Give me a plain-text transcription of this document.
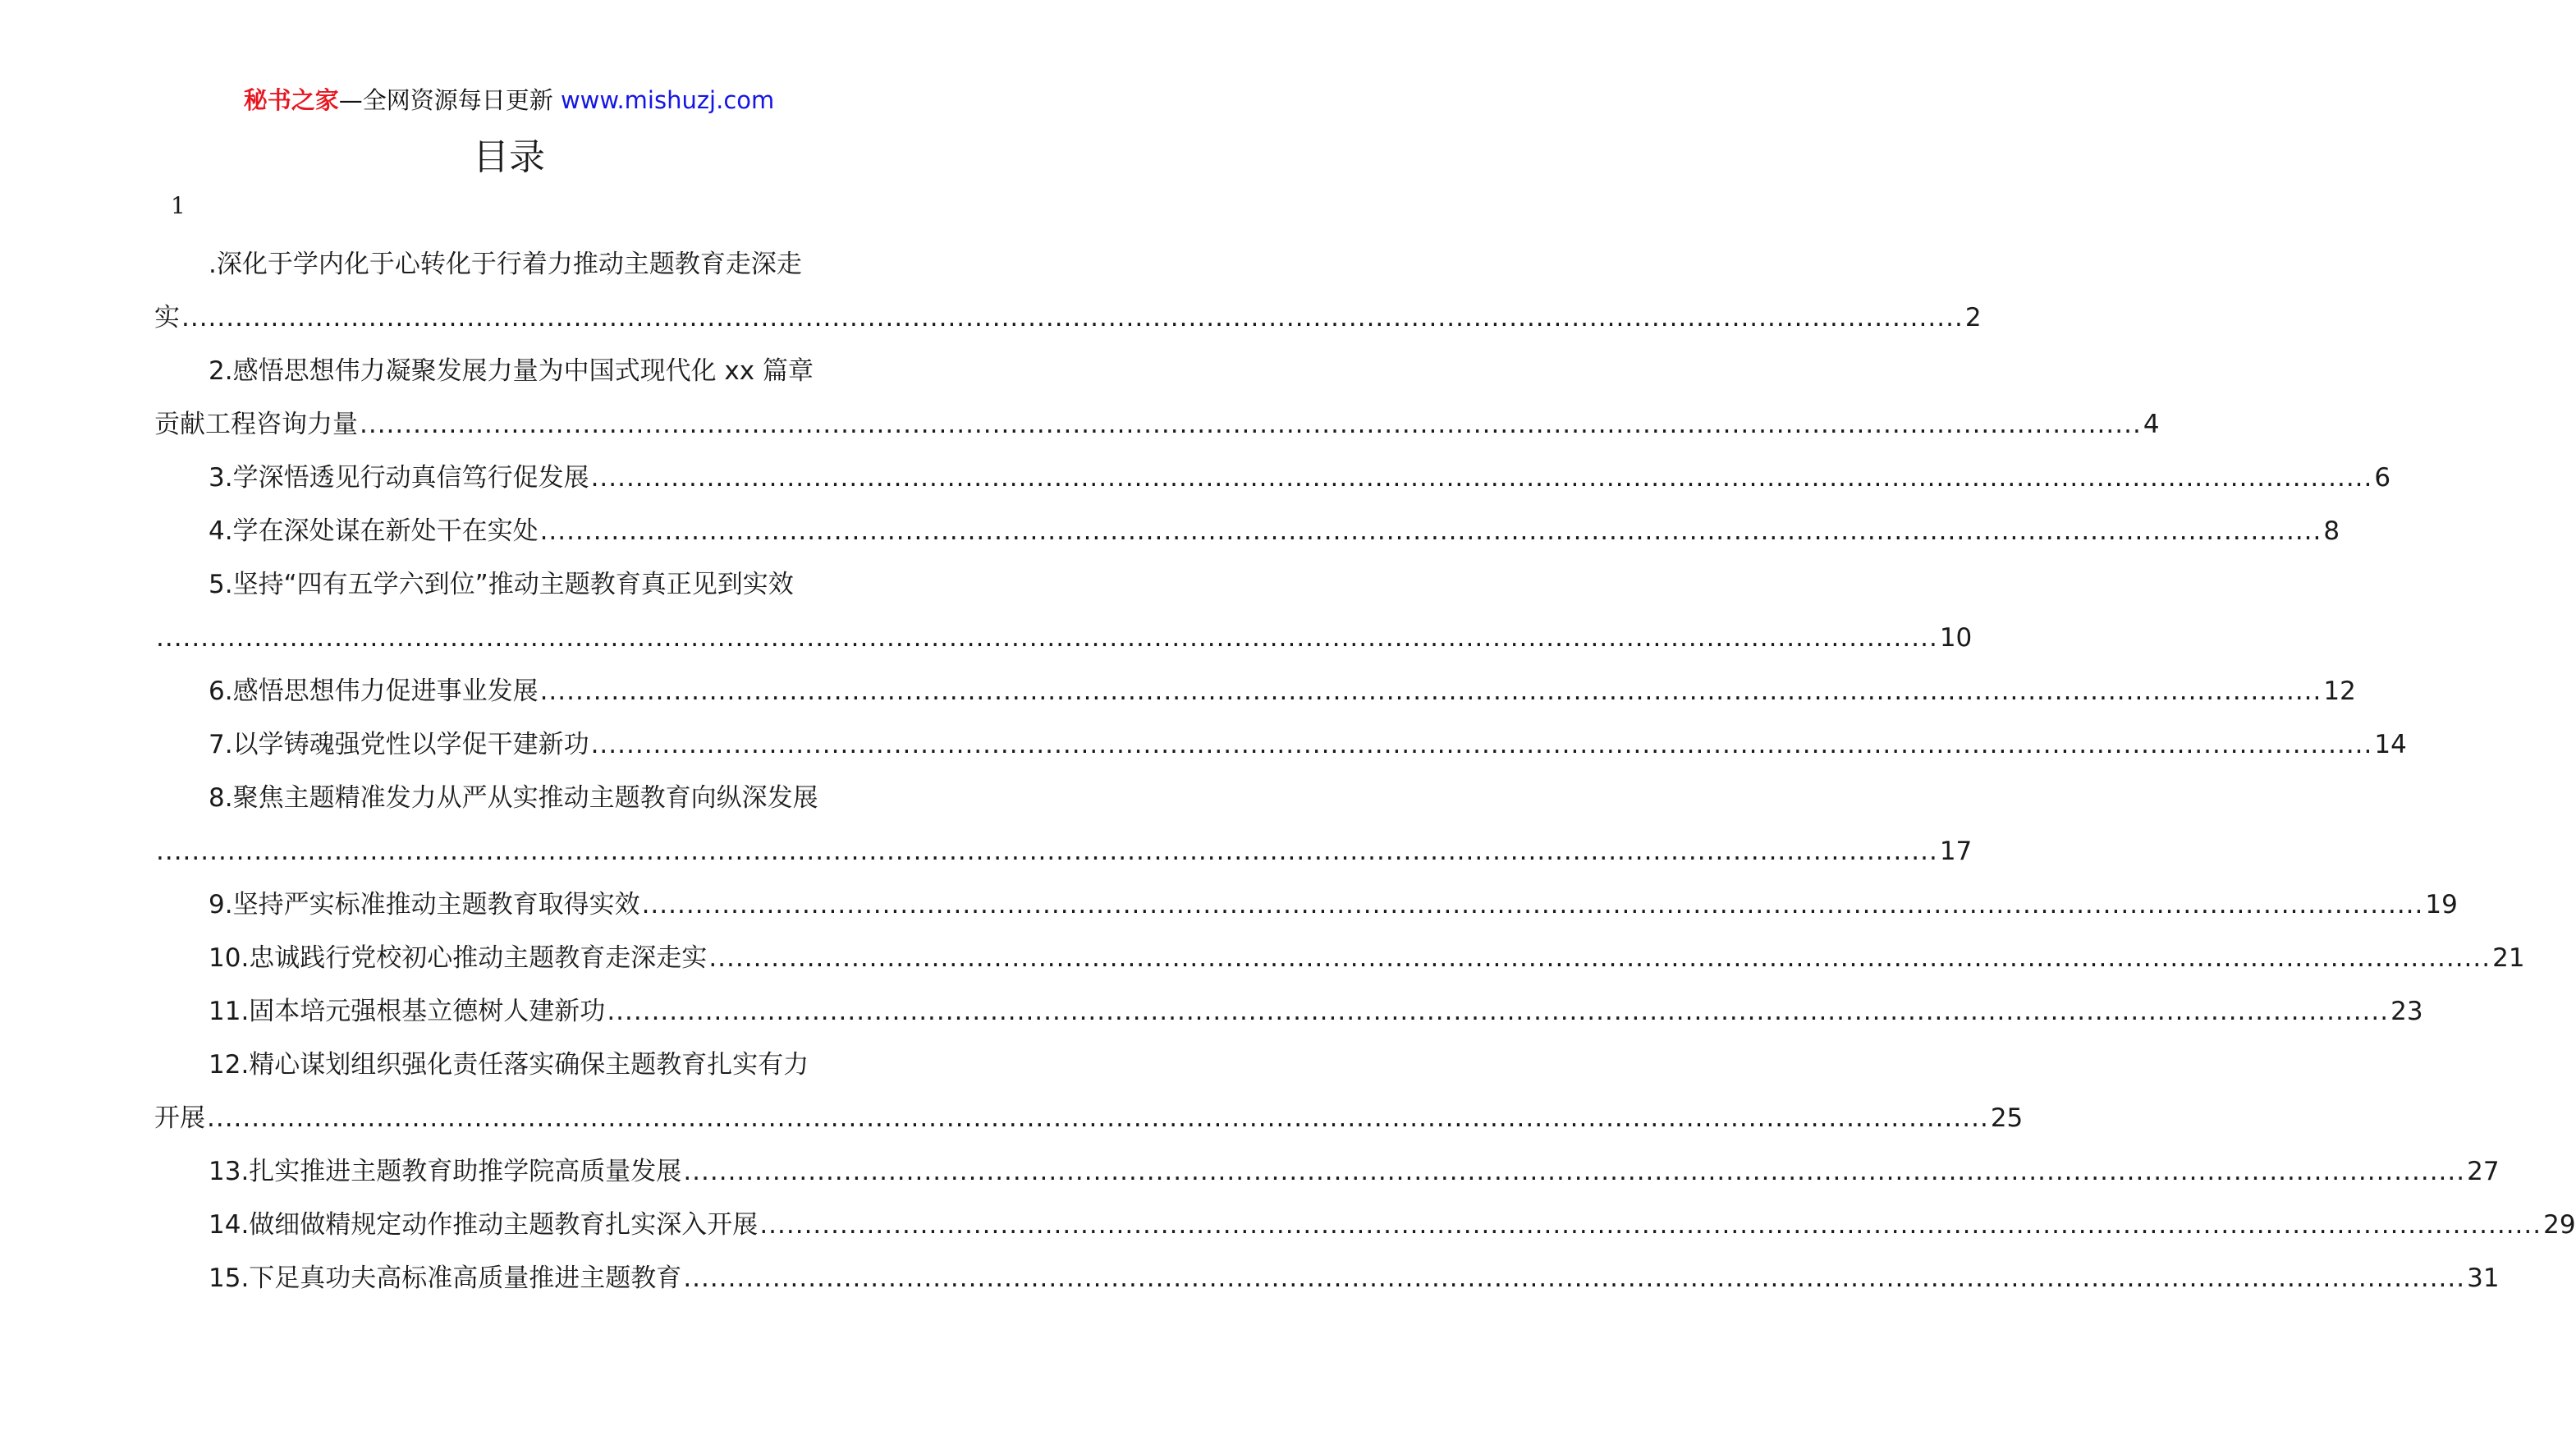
秘书之家—全网资源每日更新 www.mishuzj.com
目录
1
.深化于学内化于心转化于行着力推动主题教育走深走
实 ........................................................................................................................................................................................................ 2
2.感悟思想伟力凝聚发展力量为中国式现代化 xx 篇章
贡献工程咨询力量 ........................................................................................................................................................................................................ 4
3.学深悟透见行动真信笃行促发展 ........................................................................................................................................................................................................ 6
4.学在深处谋在新处干在实处 ........................................................................................................................................................................................................ 8
5.坚持“四有五学六到位”推动主题教育真正见到实效
........................................................................................................................................................................................................ 10
6.感悟思想伟力促进事业发展 ........................................................................................................................................................................................................ 12
7.以学铸魂强党性以学促干建新功 ........................................................................................................................................................................................................ 14
8.聚焦主题精准发力从严从实推动主题教育向纵深发展
........................................................................................................................................................................................................ 17
9.坚持严实标准推动主题教育取得实效 ........................................................................................................................................................................................................ 19
10.忠诚践行党校初心推动主题教育走深走实 ........................................................................................................................................................................................................ 21
11.固本培元强根基立德树人建新功 ........................................................................................................................................................................................................ 23
12.精心谋划组织强化责任落实确保主题教育扎实有力
开展 ........................................................................................................................................................................................................ 25
13.扎实推进主题教育助推学院高质量发展 ........................................................................................................................................................................................................ 27
14.做细做精规定动作推动主题教育扎实深入开展 ........................................................................................................................................................................................................ 29
15.下足真功夫高标准高质量推进主题教育 ........................................................................................................................................................................................................ 31
